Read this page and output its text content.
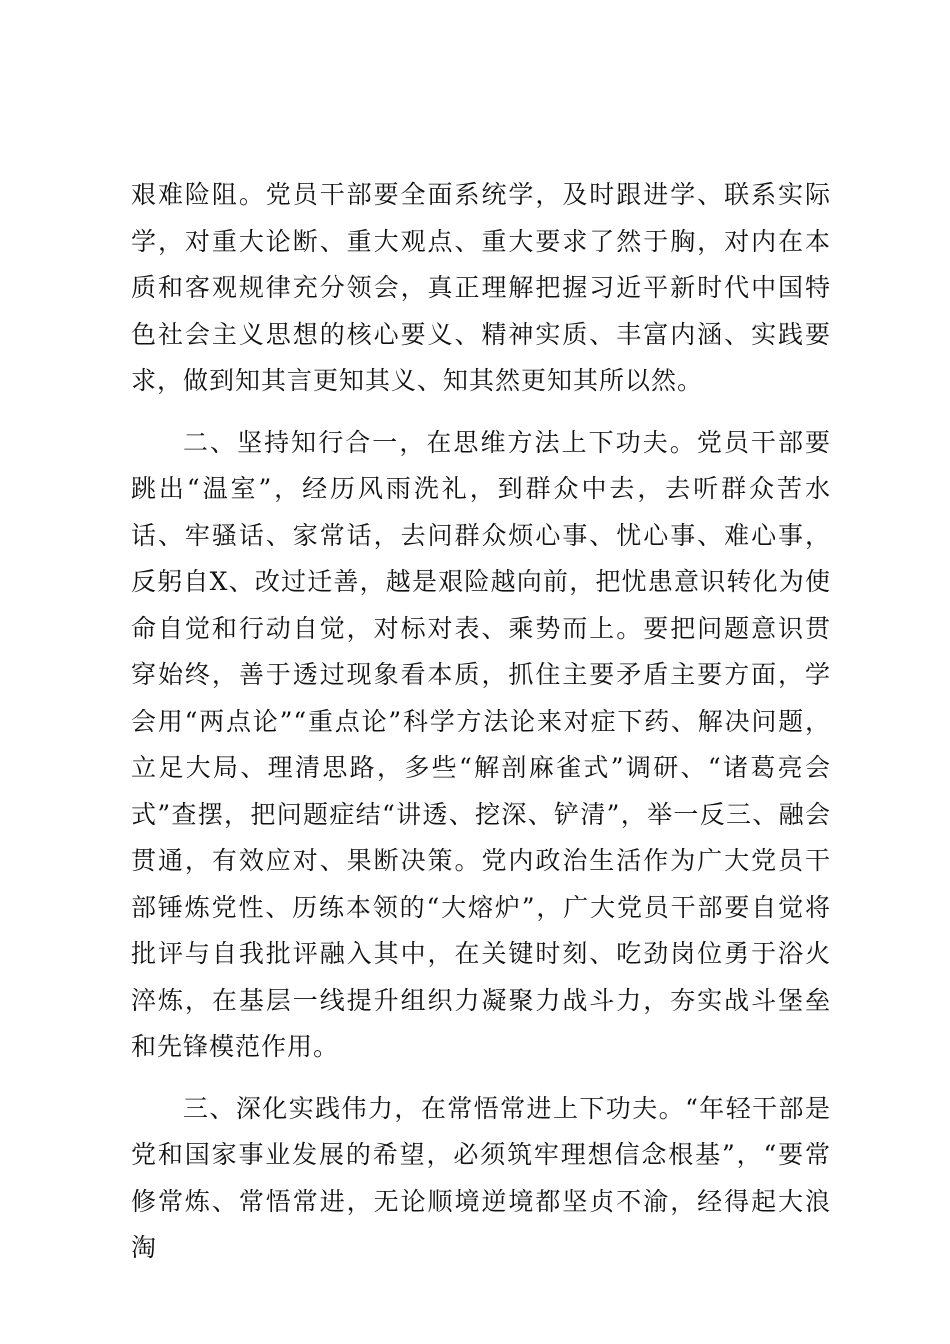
艰难险阻。党员干部要全面系统学，及时跟进学、联系实际学，对重大论断、重大观点、重大要求了然于胸，对内在本质和客观规律充分领会，真正理解把握习近平新时代中国特色社会主义思想的核心要义、精神实质、丰富内涵、实践要求，做到知其言更知其义、知其然更知其所以然。

二、坚持知行合一，在思维方法上下功夫。党员干部要跳出“温室”，经历风雨洗礼，到群众中去，去听群众苦水话、牢骚话、家常话，去问群众烦心事、忧心事、难心事，反躬自X、改过迁善，越是艰险越向前，把忧患意识转化为使命自觉和行动自觉，对标对表、乘势而上。要把问题意识贯穿始终，善于透过现象看本质，抓住主要矛盾主要方面，学会用“两点论”“重点论”科学方法论来对症下药、解决问题，立足大局、理清思路，多些“解剖麻雀式”调研、“诸葛亮会式”查摆，把问题症结“讲透、挖深、铲清”，举一反三、融会贯通，有效应对、果断决策。党内政治生活作为广大党员干部锤炼党性、历练本领的“大熔炉”，广大党员干部要自觉将批评与自我批评融入其中，在关键时刻、吃劲岗位勇于浴火淬炼，在基层一线提升组织力凝聚力战斗力，夯实战斗堡垒和先锋模范作用。

三、深化实践伟力，在常悟常进上下功夫。“年轻干部是党和国家事业发展的希望，必须筑牢理想信念根基”，“要常修常炼、常悟常进，无论顺境逆境都坚贞不渝，经得起大浪淘
